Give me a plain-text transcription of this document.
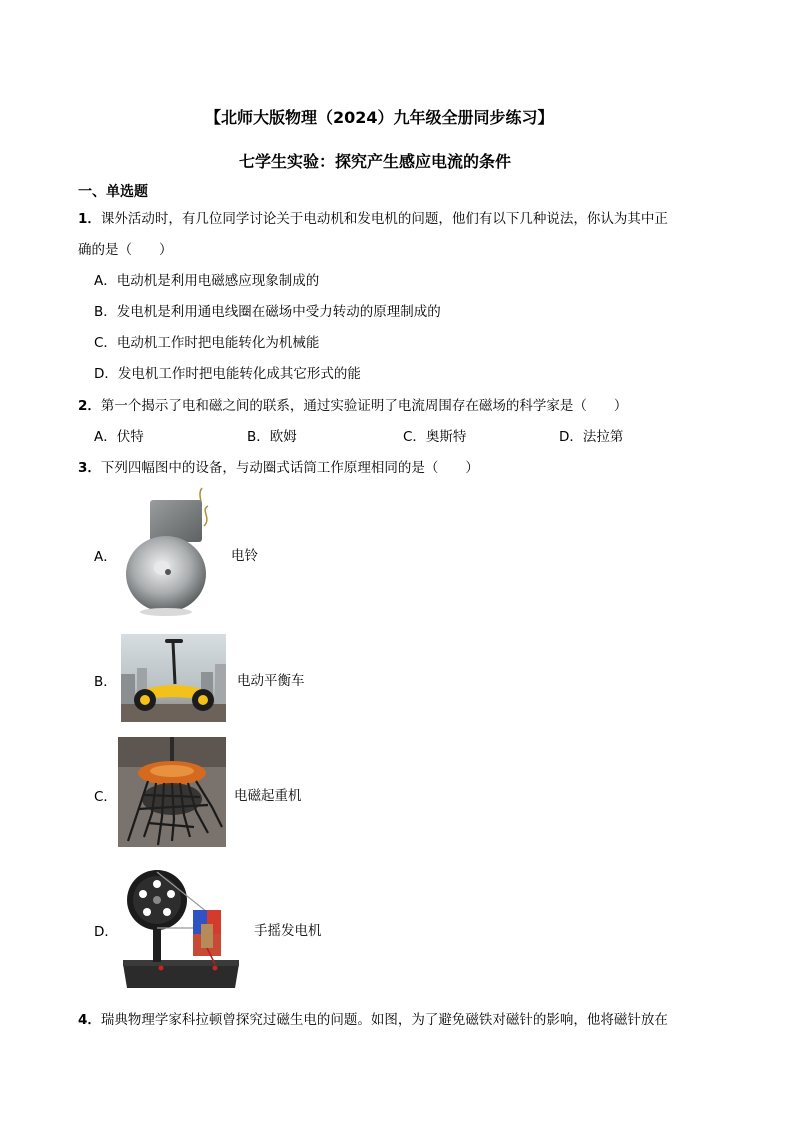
【北师大版物理（2024）九年级全册同步练习】
七学生实验：探究产生感应电流的条件
一、单选题
1．课外活动时，有几位同学讨论关于电动机和发电机的问题，他们有以下几种说法，你认为其中正
确的是（　　）
A．电动机是利用电磁感应现象制成的
B．发电机是利用通电线圈在磁场中受力转动的原理制成的
C．电动机工作时把电能转化为机械能
D．发电机工作时把电能转化成其它形式的能
2．第一个揭示了电和磁之间的联系，通过实验证明了电流周围存在磁场的科学家是（　　）
A．伏特	B．欧姆	C．奥斯特	D．法拉第
3．下列四幅图中的设备，与动圈式话筒工作原理相同的是（　　）
A．	电铃
B．	电动平衡车
C．	电磁起重机
D．	手摇发电机
4．瑞典物理学家科拉顿曾探究过磁生电的问题。如图，为了避免磁铁对磁针的影响，他将磁针放在
